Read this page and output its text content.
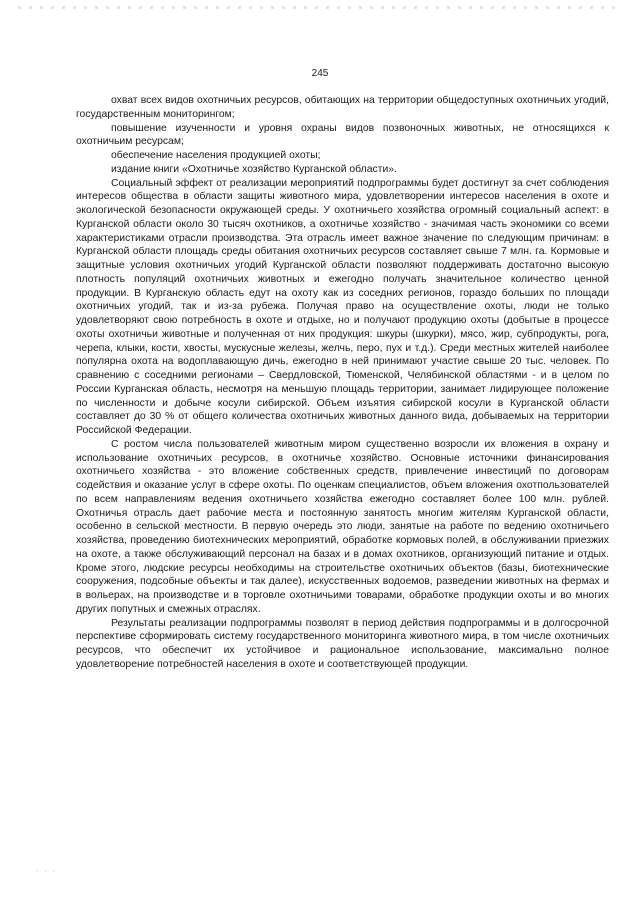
245

охват всех видов охотничьих ресурсов, обитающих на территории общедоступных охотничьих угодий, государственным мониторингом;

повышение изученности и уровня охраны видов позвоночных животных, не относящихся к охотничьим ресурсам;

обеспечение населения продукцией охоты;

издание книги «Охотничье хозяйство Курганской области».

Социальный эффект от реализации мероприятий подпрограммы будет достигнут за счет соблюдения интересов общества в области защиты животного мира, удовлетворении интересов населения в охоте и экологической безопасности окружающей среды. У охотничьего хозяйства огромный социальный аспект: в Курганской области около 30 тысяч охотников, а охотничье хозяйство - значимая часть экономики со всеми характеристиками отрасли производства. Эта отрасль имеет важное значение по следующим причинам: в Курганской области площадь среды обитания охотничьих ресурсов составляет свыше 7 млн. га. Кормовые и защитные условия охотничьих угодий Курганской области позволяют поддерживать достаточно высокую плотность популяций охотничьих животных и ежегодно получать значительное количество ценной продукции. В Курганскую область едут на охоту как из соседних регионов, гораздо больших по площади охотничьих угодий, так и из-за рубежа. Получая право на осуществление охоты, люди не только удовлетворяют свою потребность в охоте и отдыхе, но и получают продукцию охоты (добытые в процессе охоты охотничьи животные и полученная от них продукция: шкуры (шкурки), мясо, жир, субпродукты, рога, черепа, клыки, кости, хвосты, мускусные железы, желчь, перо, пух и т.д.). Среди местных жителей наиболее популярна охота на водоплавающую дичь, ежегодно в ней принимают участие свыше 20 тыс. человек. По сравнению с соседними регионами – Свердловской, Тюменской, Челябинской областями - и в целом по России Курганская область, несмотря на меньшую площадь территории, занимает лидирующее положение по численности и добыче косули сибирской. Объем изъятия сибирской косули в Курганской области составляет до 30 % от общего количества охотничьих животных данного вида, добываемых на территории Российской Федерации.

С ростом числа пользователей животным миром существенно возросли их вложения в охрану и использование охотничьих ресурсов, в охотничье хозяйство. Основные источники финансирования охотничьего хозяйства - это вложение собственных средств, привлечение инвестиций по договорам содействия и оказание услуг в сфере охоты. По оценкам специалистов, объем вложения охотпользователей по всем направлениям ведения охотничьего хозяйства ежегодно составляет более 100 млн. рублей. Охотничья отрасль дает рабочие места и постоянную занятость многим жителям Курганской области, особенно в сельской местности. В первую очередь это люди, занятые на работе по ведению охотничьего хозяйства, проведению биотехнических мероприятий, обработке кормовых полей, в обслуживании приезжих на охоте, а также обслуживающий персонал на базах и в домах охотников, организующий питание и отдых. Кроме этого, людские ресурсы необходимы на строительстве охотничьих объектов (базы, биотехнические сооружения, подсобные объекты и так далее), искусственных водоемов, разведении животных на фермах и в вольерах, на производстве и в торговле охотничьими товарами, обработке продукции охоты и во многих других попутных и смежных отраслях.

Результаты реализации подпрограммы позволят в период действия подпрограммы и в долгосрочной перспективе сформировать систему государственного мониторинга животного мира, в том числе охотничьих ресурсов, что обеспечит их устойчивое и рациональное использование, максимально полное удовлетворение потребностей населения в охоте и соответствующей продукции.

· · ·
